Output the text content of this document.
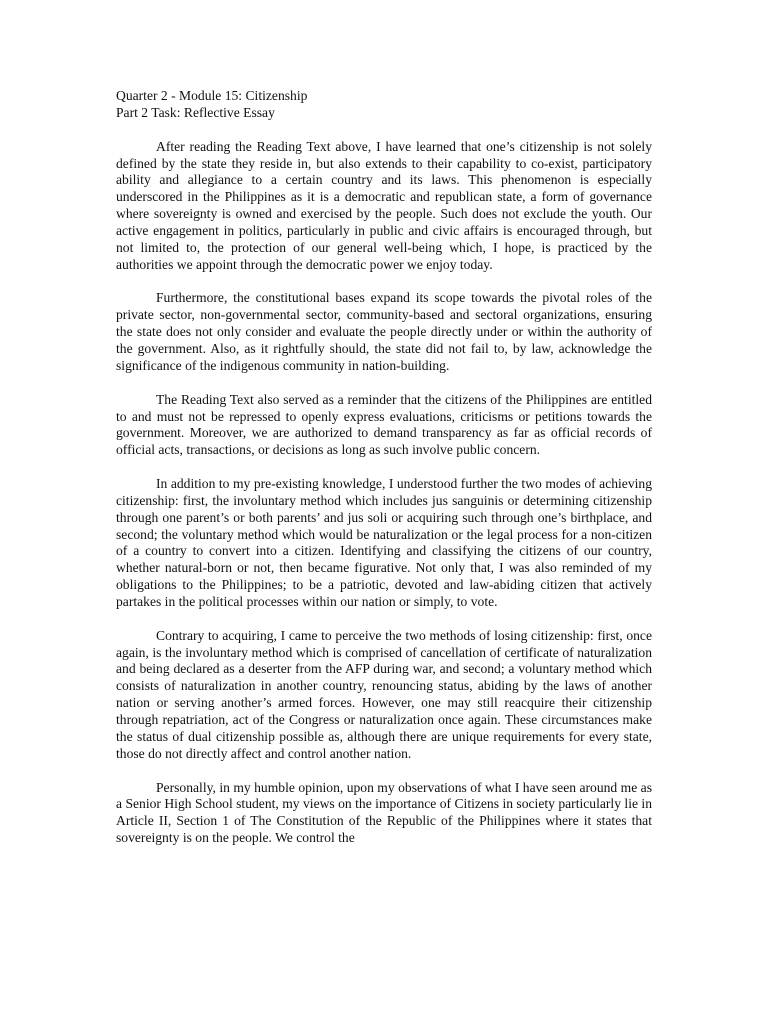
Quarter 2 - Module 15: Citizenship

Part 2 Task: Reflective Essay

After reading the Reading Text above, I have learned that one’s citizenship is not solely defined by the state they reside in, but also extends to their capability to co-exist, participatory ability and allegiance to a certain country and its laws. This phenomenon is especially underscored in the Philippines as it is a democratic and republican state, a form of governance where sovereignty is owned and exercised by the people. Such does not exclude the youth. Our active engagement in politics, particularly in public and civic affairs is encouraged through, but not limited to, the protection of our general well-being which, I hope, is practiced by the authorities we appoint through the democratic power we enjoy today.

Furthermore, the constitutional bases expand its scope towards the pivotal roles of the private sector, non-governmental sector, community-based and sectoral organizations, ensuring the state does not only consider and evaluate the people directly under or within the authority of the government. Also, as it rightfully should, the state did not fail to, by law, acknowledge the significance of the indigenous community in nation-building.

The Reading Text also served as a reminder that the citizens of the Philippines are entitled to and must not be repressed to openly express evaluations, criticisms or petitions towards the government. Moreover, we are authorized to demand transparency as far as official records of official acts, transactions, or decisions as long as such involve public concern.

In addition to my pre-existing knowledge, I understood further the two modes of achieving citizenship: first, the involuntary method which includes jus sanguinis or determining citizenship through one parent’s or both parents’ and jus soli or acquiring such through one’s birthplace, and second; the voluntary method which would be naturalization or the legal process for a non-citizen of a country to convert into a citizen. Identifying and classifying the citizens of our country, whether natural-born or not, then became figurative. Not only that, I was also reminded of my obligations to the Philippines; to be a patriotic, devoted and law-abiding citizen that actively partakes in the political processes within our nation or simply, to vote.

Contrary to acquiring, I came to perceive the two methods of losing citizenship: first, once again, is the involuntary method which is comprised of cancellation of certificate of naturalization and being declared as a deserter from the AFP during war, and second; a voluntary method which consists of naturalization in another country, renouncing status, abiding by the laws of another nation or serving another’s armed forces. However, one may still reacquire their citizenship through repatriation, act of the Congress or naturalization once again. These circumstances make the status of dual citizenship possible as, although there are unique requirements for every state, those do not directly affect and control another nation.

Personally, in my humble opinion, upon my observations of what I have seen around me as a Senior High School student, my views on the importance of Citizens in society particularly lie in Article II, Section 1 of The Constitution of the Republic of the Philippines where it states that sovereignty is on the people. We control the
